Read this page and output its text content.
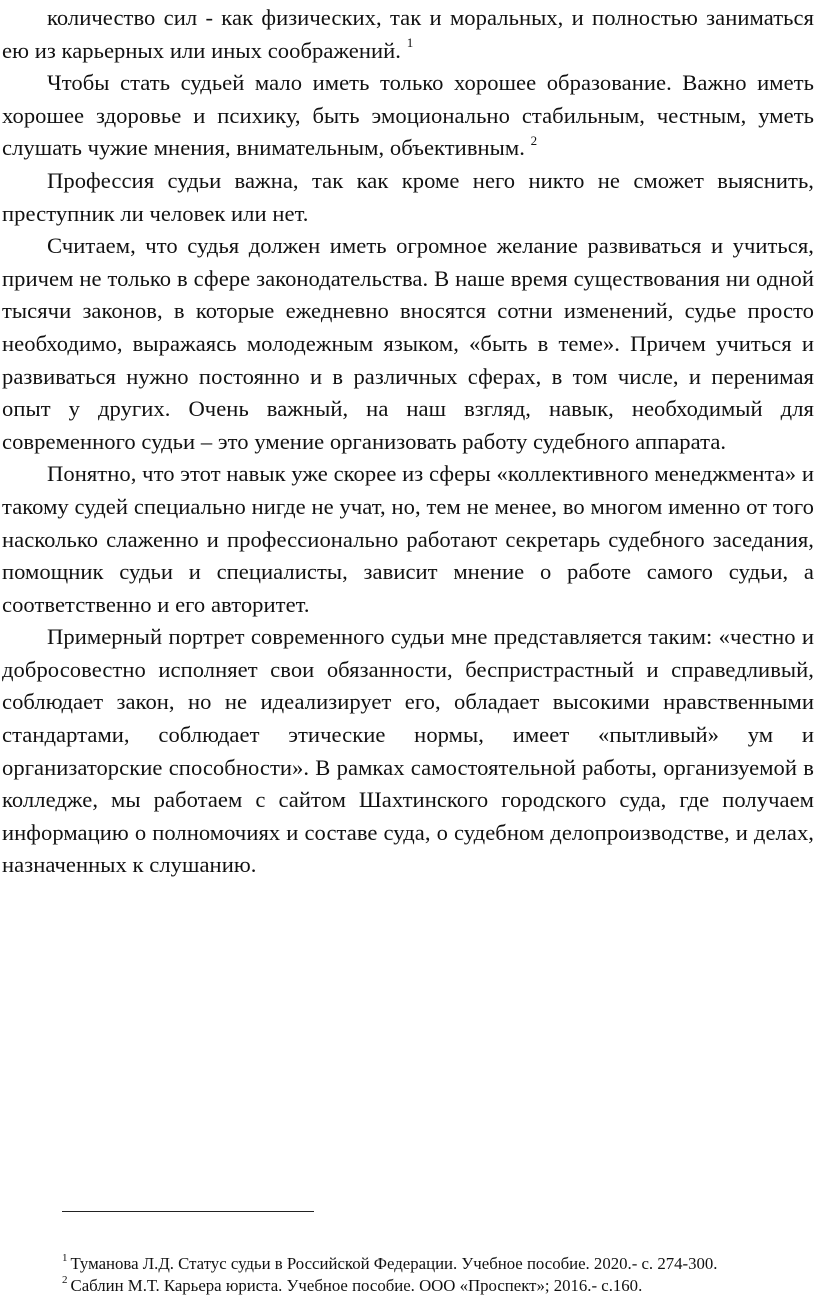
количество сил - как физических, так и моральных, и полностью заниматься ею из карьерных или иных соображений. $^1$

Чтобы стать судьей мало иметь только хорошее образование. Важно иметь хорошее здоровье и психику, быть эмоционально стабильным, честным, уметь слушать чужие мнения, внимательным, объективным. $^2$

Профессия судьи важна, так как кроме него никто не сможет выяснить, преступник ли человек или нет.

Считаем, что судья должен иметь огромное желание развиваться и учиться, причем не только в сфере законодательства. В наше время существования ни одной тысячи законов, в которые ежедневно вносятся сотни изменений, судье просто необходимо, выражаясь молодежным языком, «быть в теме». Причем учиться и развиваться нужно постоянно и в различных сферах, в том числе, и перенимая опыт у других. Очень важный, на наш взгляд, навык, необходимый для современного судьи – это умение организовать работу судебного аппарата.

Понятно, что этот навык уже скорее из сферы «коллективного менеджмента» и такому судей специально нигде не учат, но, тем не менее, во многом именно от того насколько слаженно и профессионально работают секретарь судебного заседания, помощник судьи и специалисты, зависит мнение о работе самого судьи, а соответственно и его авторитет.

Примерный портрет современного судьи мне представляется таким: «честно и добросовестно исполняет свои обязанности, беспристрастный и справедливый, соблюдает закон, но не идеализирует его, обладает высокими нравственными стандартами, соблюдает этические нормы, имеет «пытливый» ум и организаторские способности». В рамках самостоятельной работы, организуемой в колледже, мы работаем с сайтом Шахтинского городского суда, где получаем информацию о полномочиях и составе суда, о судебном делопроизводстве, и делах, назначенных к слушанию.

$^1$ Туманова Л.Д. Статус судьи в Российской Федерации. Учебное пособие. 2020.- с. 274-300.

$^2$ Саблин М.Т. Карьера юриста. Учебное пособие. ООО «Проспект»; 2016.- с.160.
